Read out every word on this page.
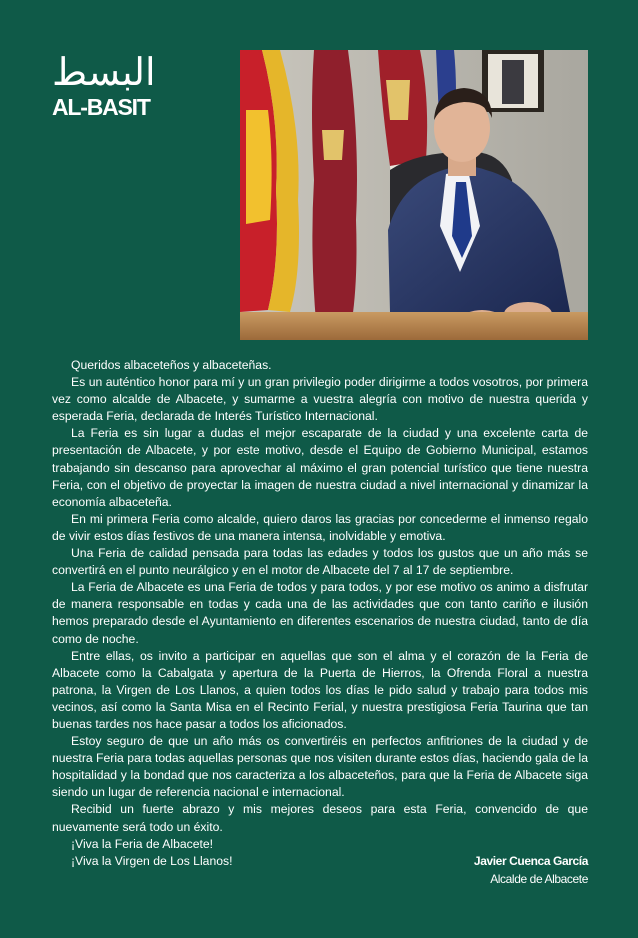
البسط
AL-BASIT

Queridos albaceteños y albaceteñas.

Es un auténtico honor para mí y un gran privilegio poder dirigirme a todos vosotros, por primera vez como alcalde de Albacete, y sumarme a vuestra alegría con motivo de nuestra querida y esperada Feria, declarada de Interés Turístico Internacional.

La Feria es sin lugar a dudas el mejor escaparate de la ciudad y una excelente carta de presentación de Albacete, y por este motivo, desde el Equipo de Gobierno Municipal, estamos trabajando sin descanso para aprovechar al máximo el gran potencial turístico que tiene nuestra Feria, con el objetivo de proyectar la imagen de nuestra ciudad a nivel internacional y dinamizar la economía albaceteña.

En mi primera Feria como alcalde, quiero daros las gracias por concederme el inmenso regalo de vivir estos días festivos de una manera intensa, inolvidable y emotiva.

Una Feria de calidad pensada para todas las edades y todos los gustos que un año más se convertirá en el punto neurálgico y en el motor de Albacete del 7 al 17 de septiembre.

La Feria de Albacete es una Feria de todos y para todos, y por ese motivo os animo a disfrutar de manera responsable en todas y cada una de las actividades que con tanto cariño e ilusión hemos preparado desde el Ayuntamiento en diferentes escenarios de nuestra ciudad, tanto de día como de noche.

Entre ellas, os invito a participar en aquellas que son el alma y el corazón de la Feria de Albacete como la Cabalgata y apertura de la Puerta de Hierros, la Ofrenda Floral a nuestra patrona, la Virgen de Los Llanos, a quien todos los días le pido salud y trabajo para todos mis vecinos, así como la Santa Misa en el Recinto Ferial, y nuestra prestigiosa Feria Taurina que tan buenas tardes nos hace pasar a todos los aficionados.

Estoy seguro de que un año más os convertiréis en perfectos anfitriones de la ciudad y de nuestra Feria para todas aquellas personas que nos visiten durante estos días, haciendo gala de la hospitalidad y la bondad que nos caracteriza a los albaceteños, para que la Feria de Albacete siga siendo un lugar de referencia nacional e internacional.

Recibid un fuerte abrazo y mis mejores deseos para esta Feria, convencido de que nuevamente será todo un éxito.

¡Viva la Feria de Albacete!

¡Viva la Virgen de Los Llanos!	Javier Cuenca García
Alcalde de Albacete
